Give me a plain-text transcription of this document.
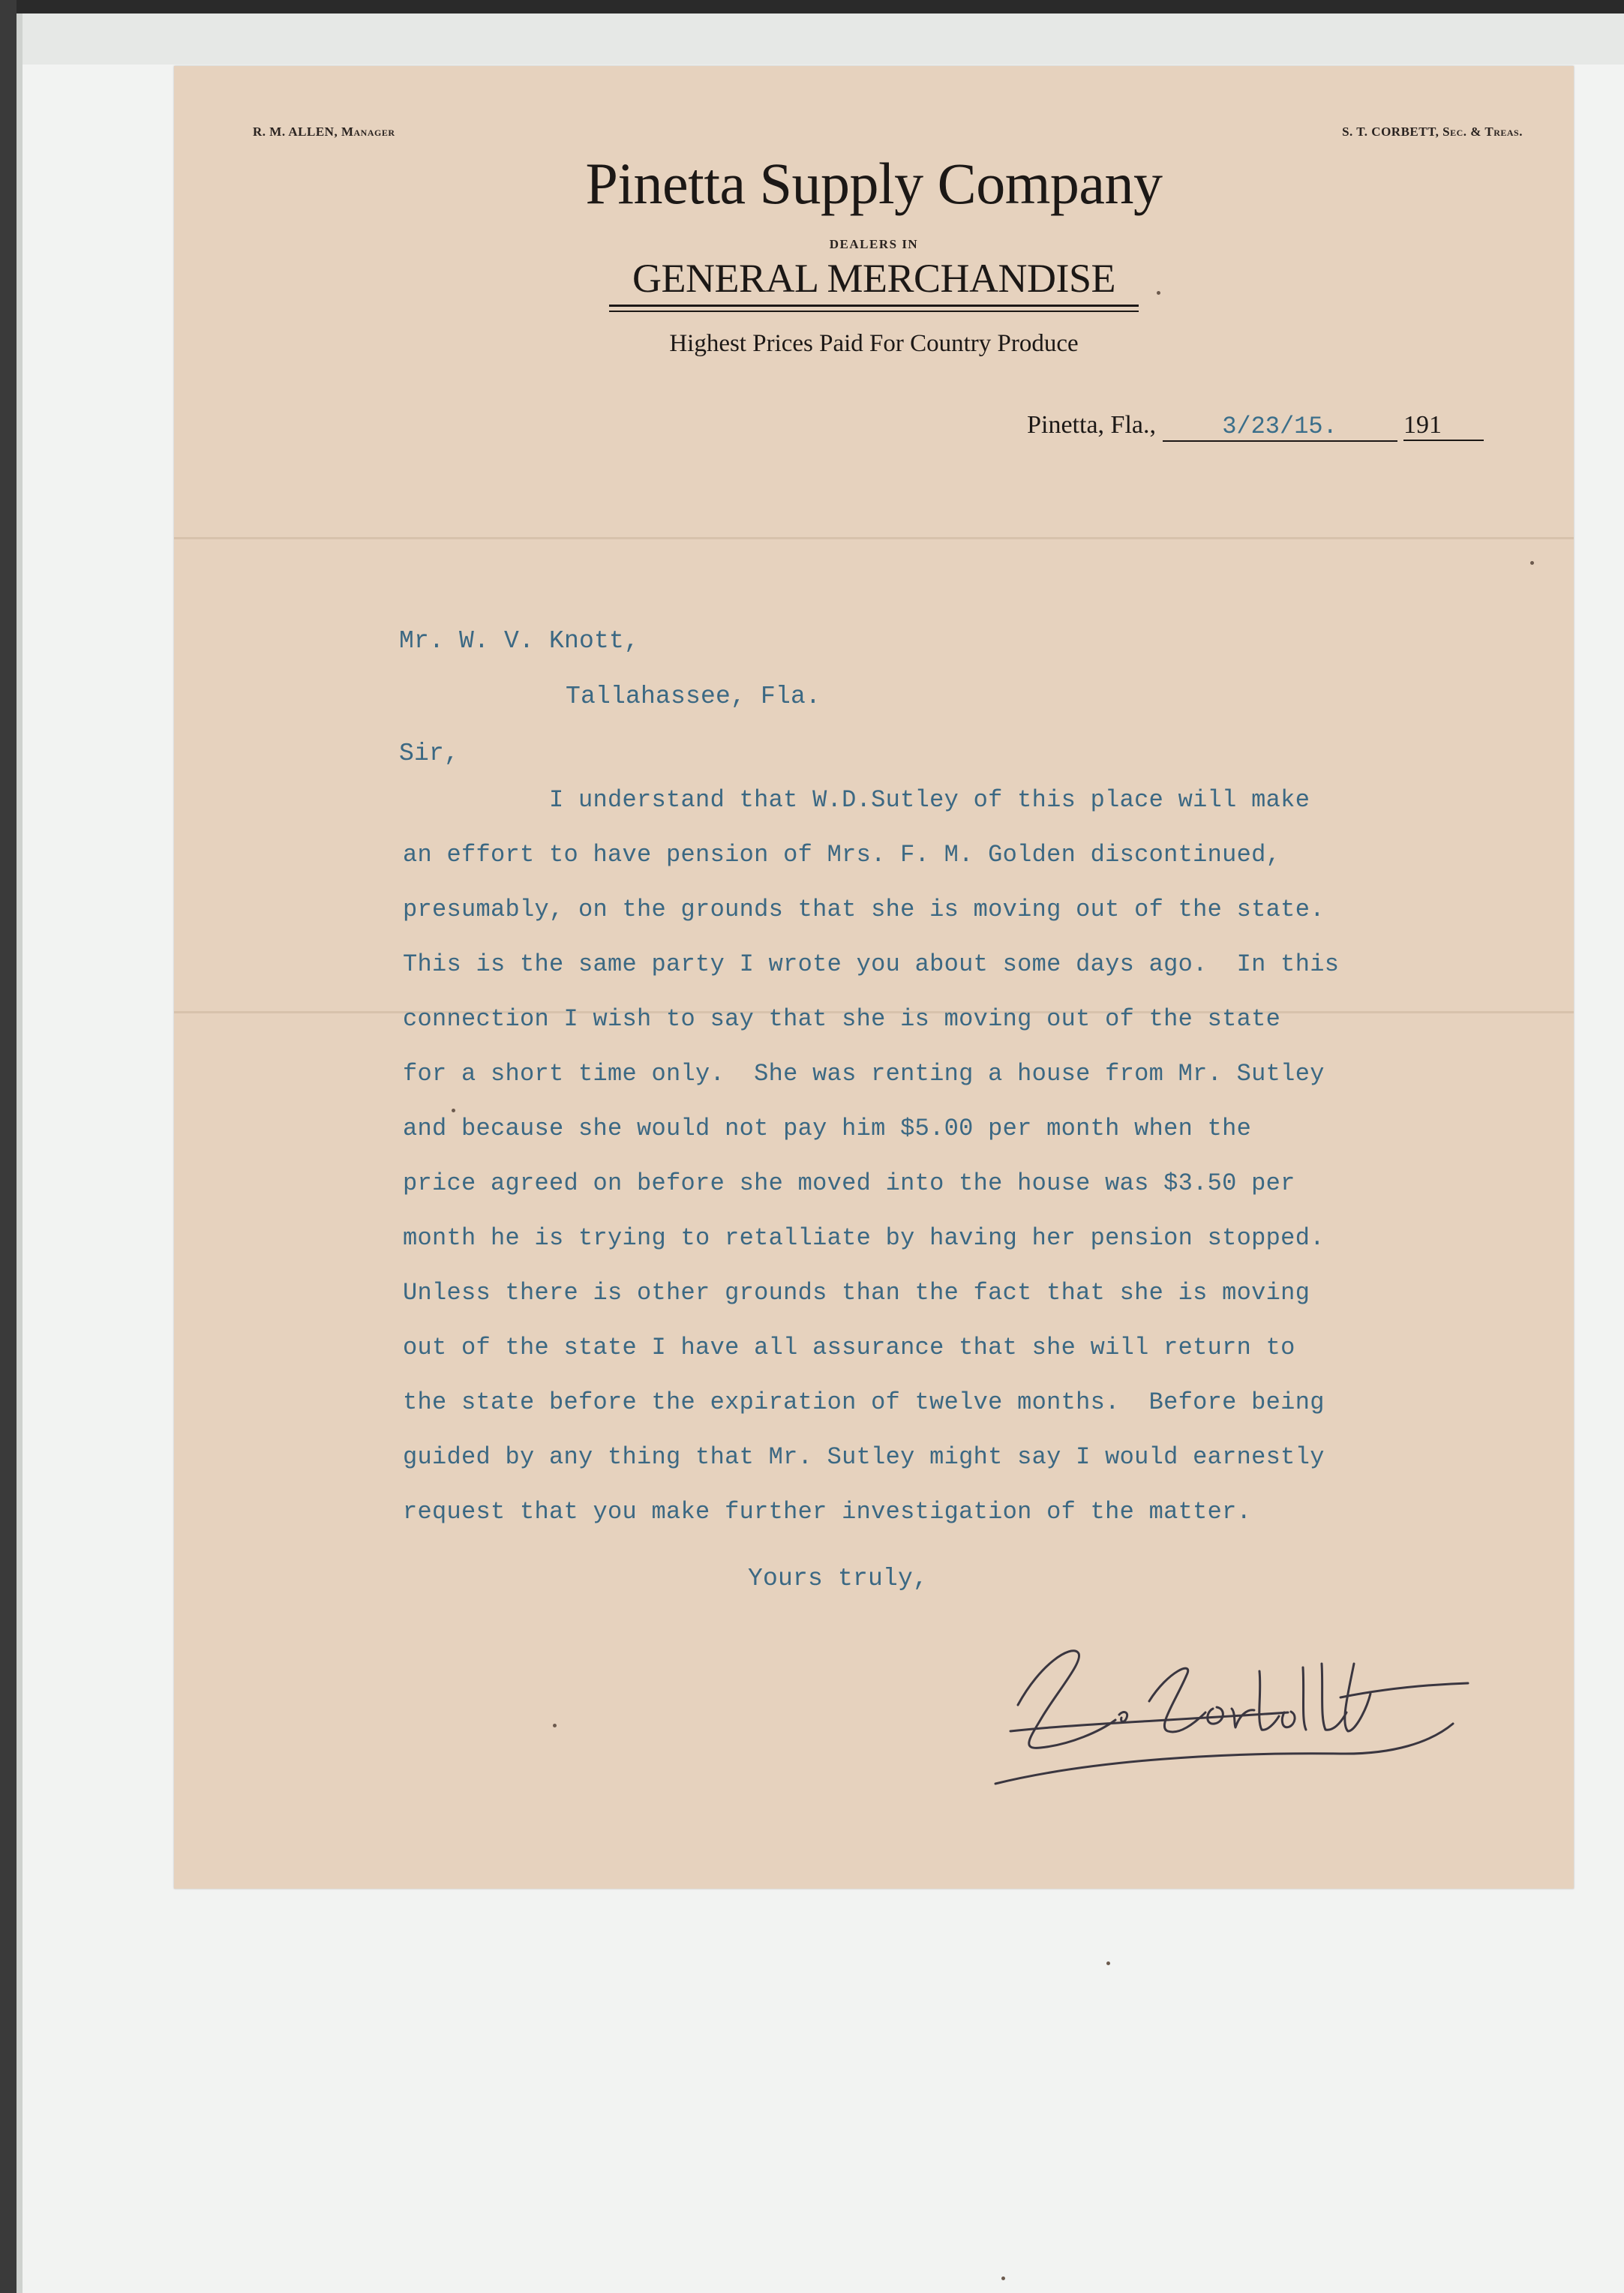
R. M. ALLEN, Manager	S. T. CORBETT, Sec. & Treas.
Pinetta Supply Company
DEALERS IN
GENERAL MERCHANDISE
Highest Prices Paid For Country Produce
Pinetta, Fla.,	3/23/15.	191
Mr. W. V. Knott,
Tallahassee, Fla.
Sir,
I understand that W.D.Sutley of this place will make
an effort to have pension of Mrs. F. M. Golden discontinued,
presumably, on the grounds that she is moving out of the state.
This is the same party I wrote you about some days ago.  In this
connection I wish to say that she is moving out of the state
for a short time only.  She was renting a house from Mr. Sutley
and because she would not pay him $5.00 per month when the
price agreed on before she moved into the house was $3.50 per
month he is trying to retalliate by having her pension stopped.
Unless there is other grounds than the fact that she is moving
out of the state I have all assurance that she will return to
the state before the expiration of twelve months.  Before being
guided by any thing that Mr. Sutley might say I would earnestly
request that you make further investigation of the matter.
Yours truly,
